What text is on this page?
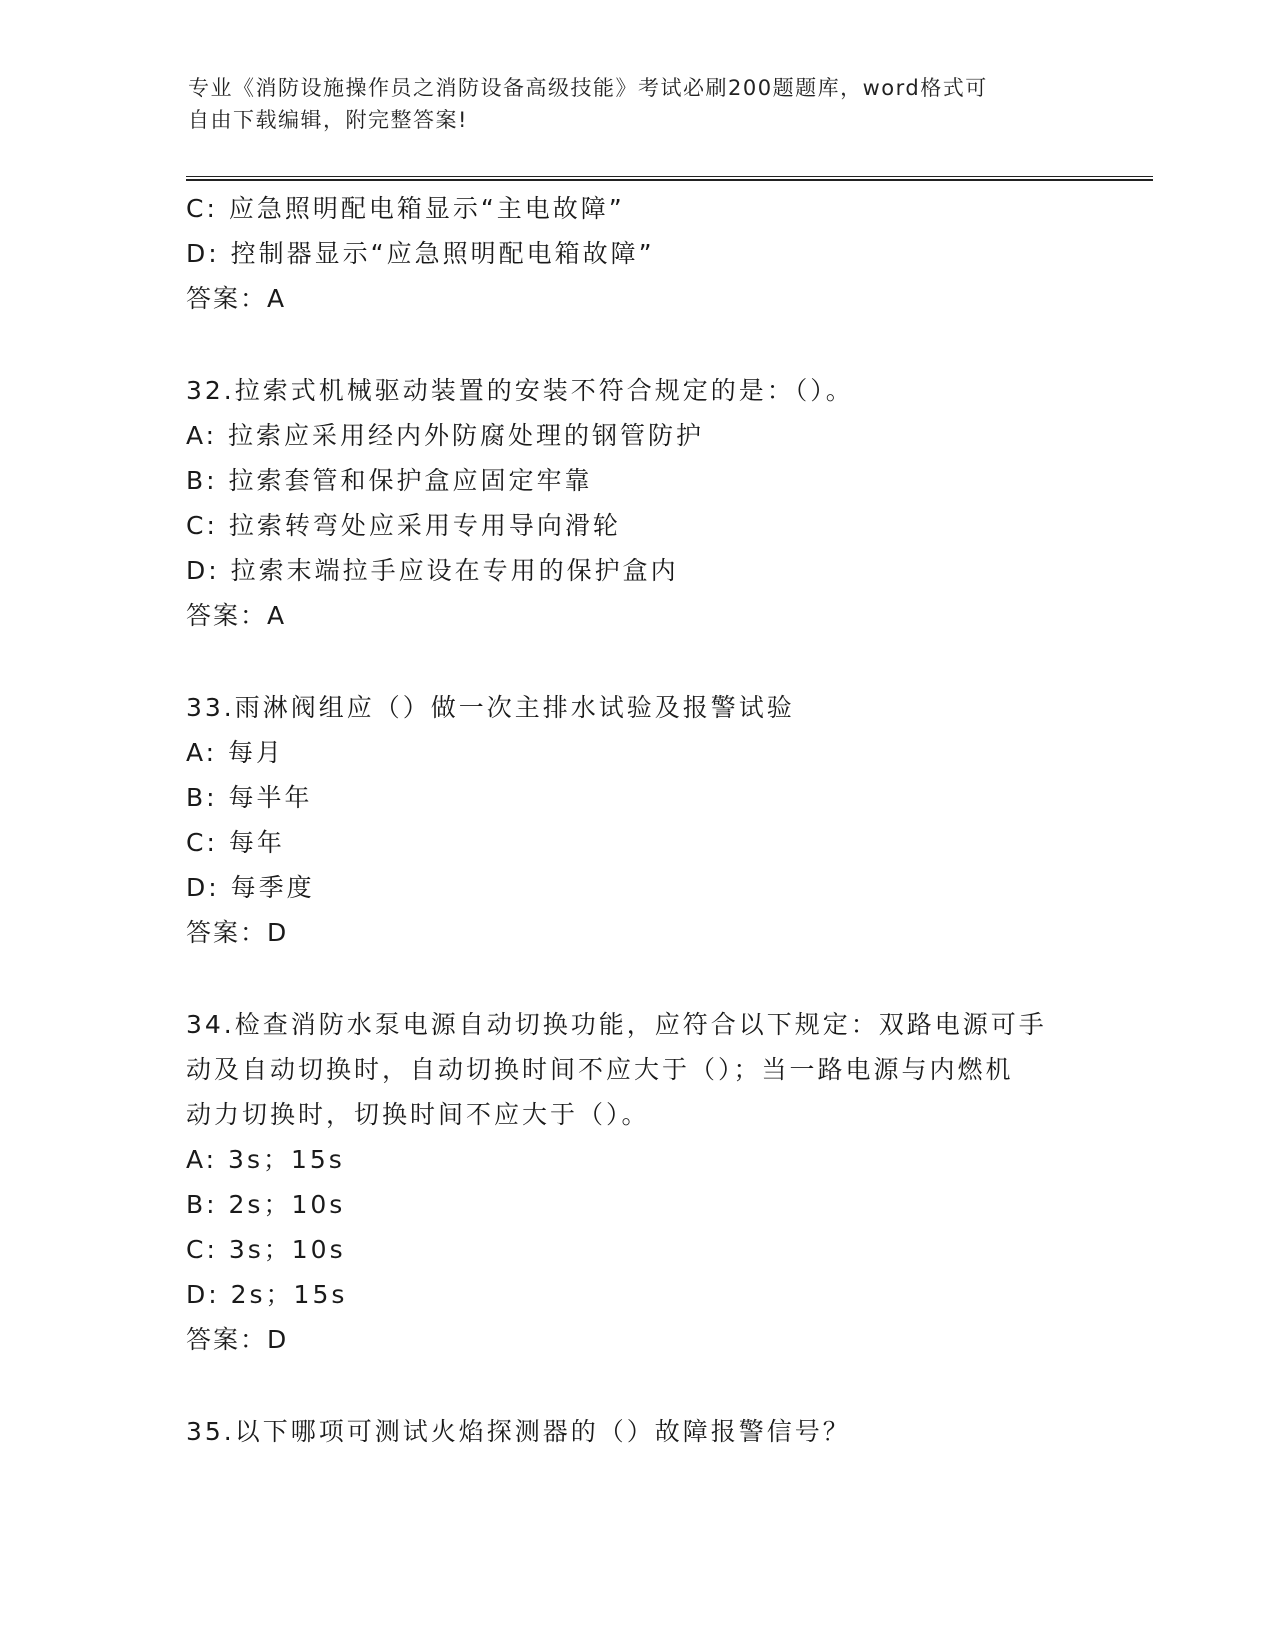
专业《消防设施操作员之消防设备高级技能》考试必刷200题题库，word格式可
自由下载编辑，附完整答案!
C: 应急照明配电箱显示“主电故障”
D: 控制器显示“应急照明配电箱故障”
答案：A
32.拉索式机械驱动装置的安装不符合规定的是：（）。
A: 拉索应采用经内外防腐处理的钢管防护
B: 拉索套管和保护盒应固定牢靠
C: 拉索转弯处应采用专用导向滑轮
D: 拉索末端拉手应设在专用的保护盒内
答案：A
33.雨淋阀组应（）做一次主排水试验及报警试验
A: 每月
B: 每半年
C: 每年
D: 每季度
答案：D
34.检查消防水泵电源自动切换功能，应符合以下规定：双路电源可手
动及自动切换时，自动切换时间不应大于（）；当一路电源与内燃机
动力切换时，切换时间不应大于（）。
A: 3s；15s
B: 2s；10s
C: 3s；10s
D: 2s；15s
答案：D
35.以下哪项可测试火焰探测器的（）故障报警信号？
